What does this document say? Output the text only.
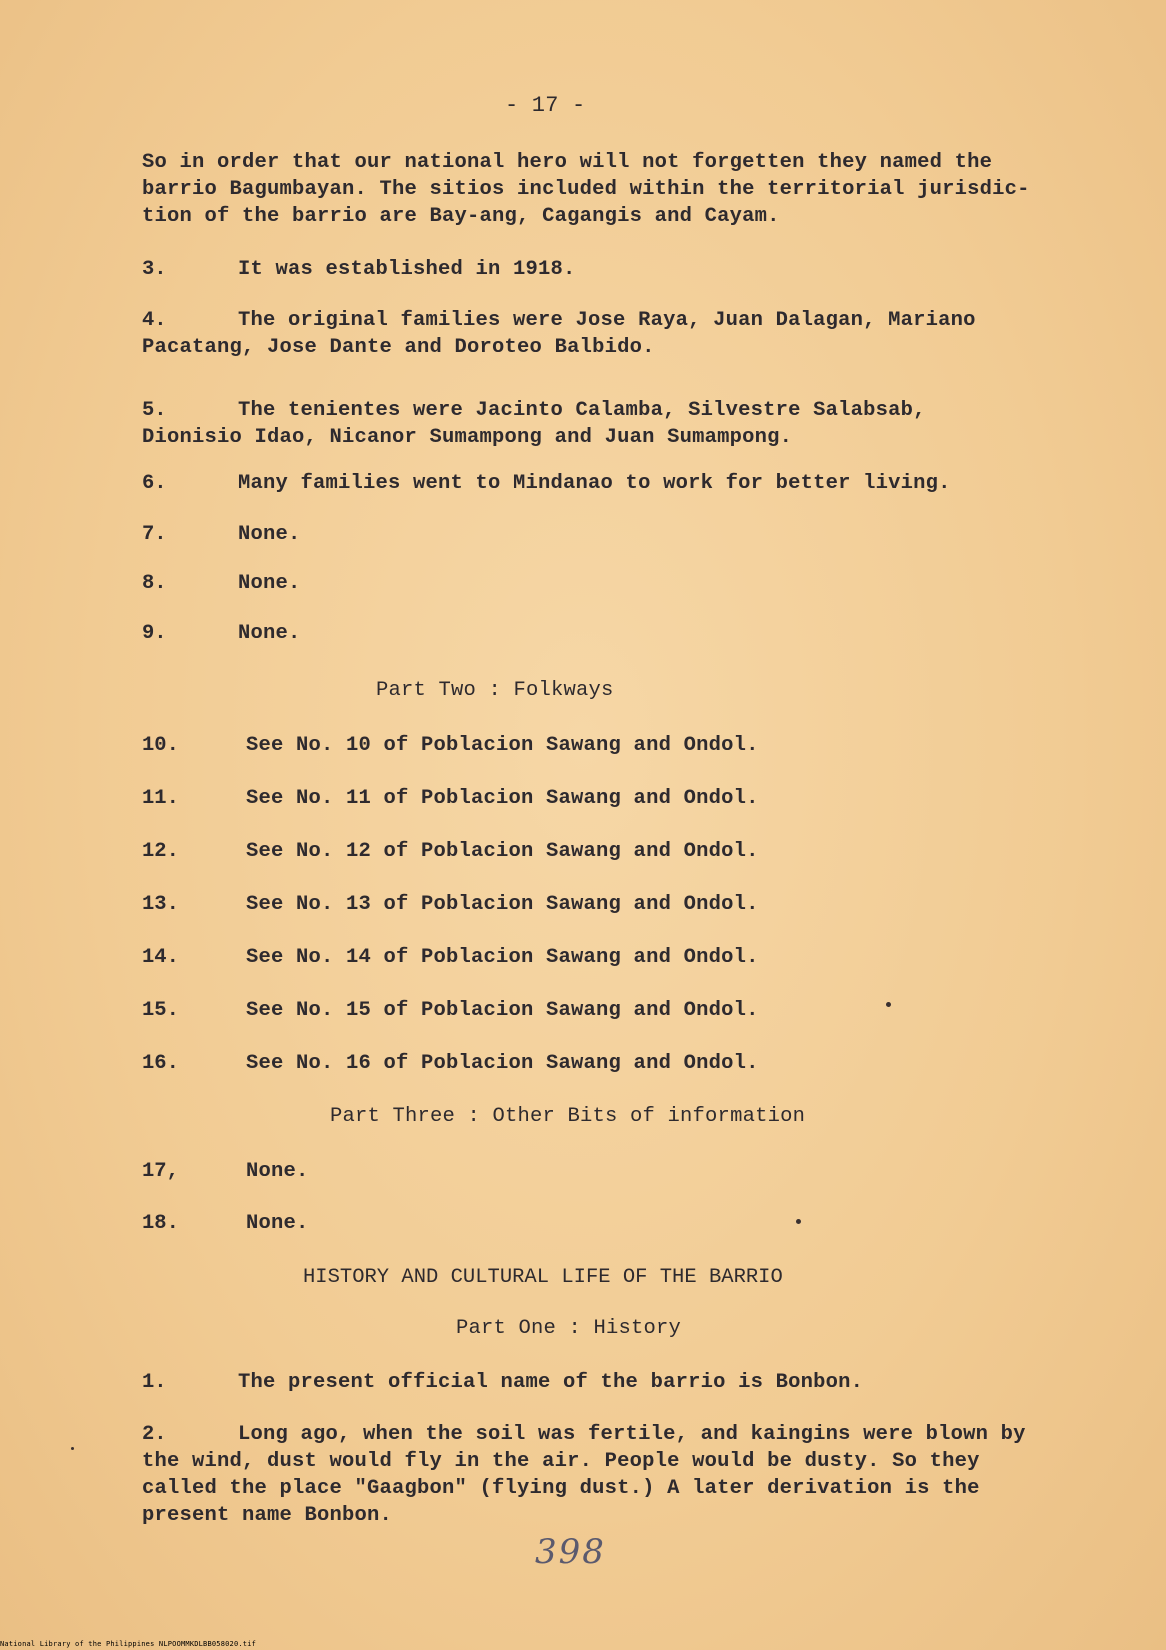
- 17 -
So in order that our national hero will not forgetten they named the
barrio Bagumbayan. The sitios included within the territorial jurisdic-
tion of the barrio are Bay-ang, Cagangis and Cayam.
3.	It was established in 1918.
4.	The original families were Jose Raya, Juan Dalagan, Mariano
Pacatang, Jose Dante and Doroteo Balbido.
5.	The tenientes were Jacinto Calamba, Silvestre Salabsab,
Dionisio Idao, Nicanor Sumampong and Juan Sumampong.
6.	Many families went to Mindanao to work for better living.
7.	None.
8.	None.
9.	None.
Part Two : Folkways
10.	See No. 10 of Poblacion Sawang and Ondol.
11.	See No. 11 of Poblacion Sawang and Ondol.
12.	See No. 12 of Poblacion Sawang and Ondol.
13.	See No. 13 of Poblacion Sawang and Ondol.
14.	See No. 14 of Poblacion Sawang and Ondol.
15.	See No. 15 of Poblacion Sawang and Ondol.
16.	See No. 16 of Poblacion Sawang and Ondol.
Part Three : Other Bits of information
17,	None.
18.	None.
HISTORY AND CULTURAL LIFE OF THE BARRIO
Part One : History
1.	The present official name of the barrio is Bonbon.
2.	Long ago, when the soil was fertile, and kaingins were blown by
the wind, dust would fly in the air. People would be dusty. So they
called the place "Gaagbon" (flying dust.) A later derivation is the
present name Bonbon.
398
National Library of the Philippines NLPOOMMKDLBB058020.tif
